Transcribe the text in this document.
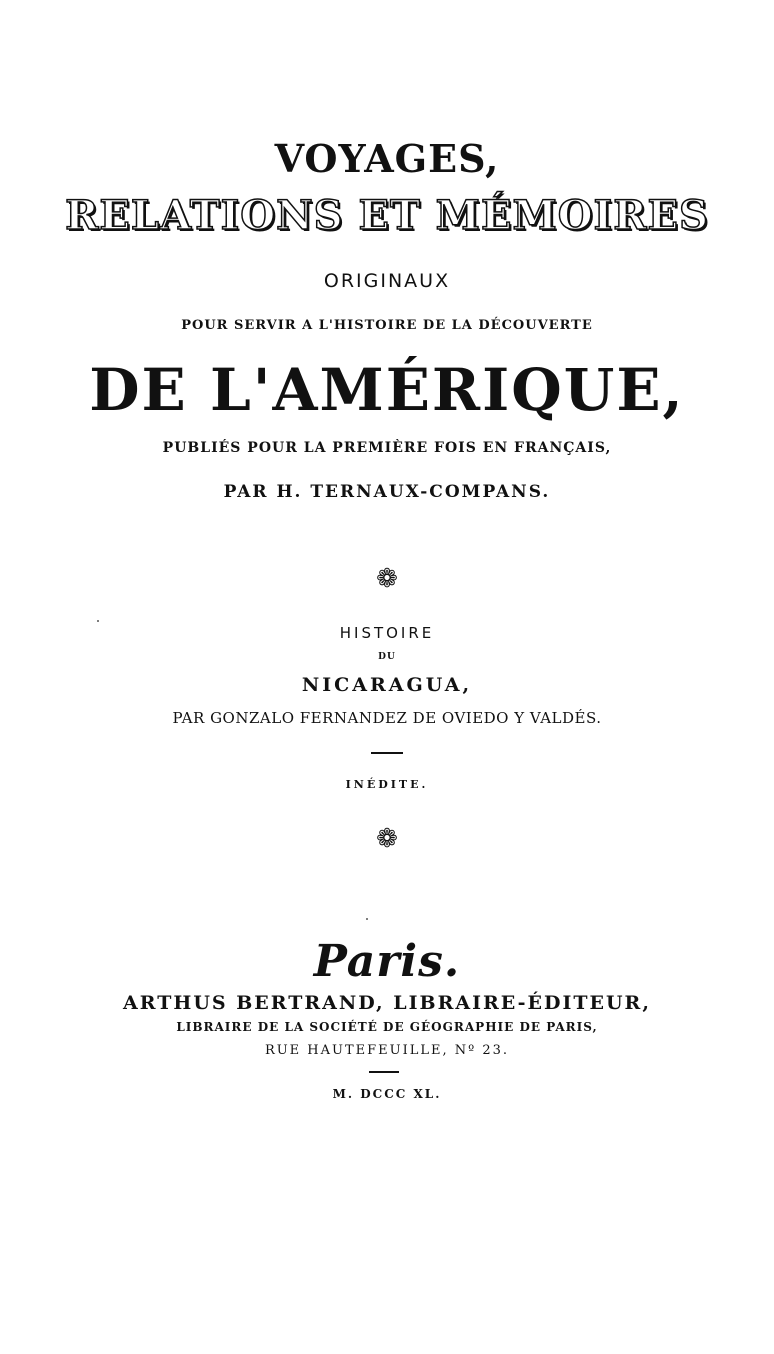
VOYAGES,
RELATIONS ET MÉMOIRES
ORIGINAUX
POUR SERVIR A L'HISTOIRE DE LA DÉCOUVERTE
DE L'AMÉRIQUE,
PUBLIÉS POUR LA PREMIÈRE FOIS EN FRANÇAIS,
PAR H. TERNAUX-COMPANS.
❁
HISTOIRE
DU
NICARAGUA,
PAR GONZALO FERNANDEZ DE OVIEDO Y VALDÉS.
INÉDITE.
❁
Paris.
ARTHUS BERTRAND, LIBRAIRE-ÉDITEUR,
LIBRAIRE DE LA SOCIÉTÉ DE GÉOGRAPHIE DE PARIS,
RUE HAUTEFEUILLE, Nº 23.
M. DCCC XL.
